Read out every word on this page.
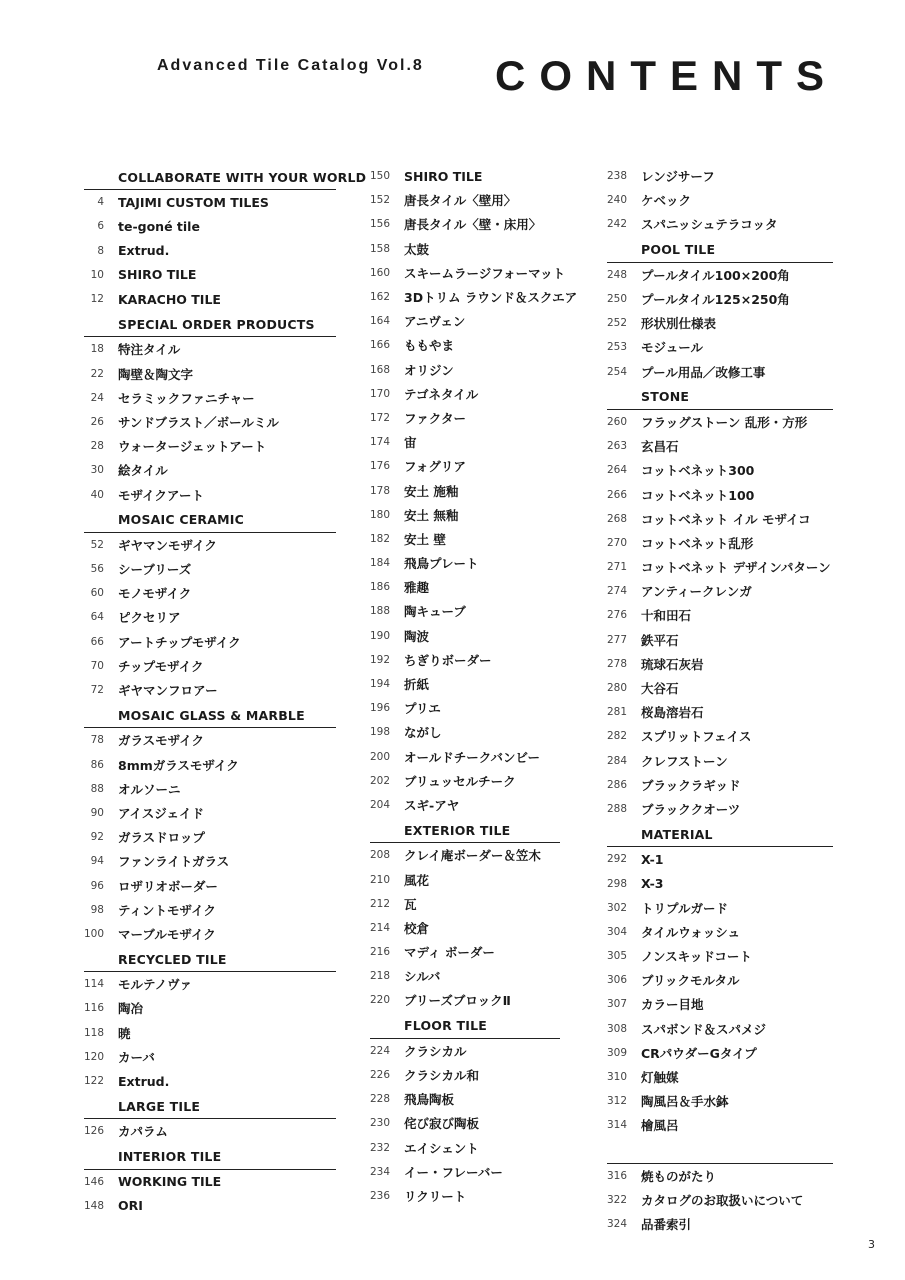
Advanced Tile Catalog Vol.8 CONTENTS
COLLABORATE WITH YOUR WORLD
4 TAJIMI CUSTOM TILES
6 te-goné tile
8 Extrud.
10 SHIRO TILE
12 KARACHO TILE
SPECIAL ORDER PRODUCTS
18 特注タイル
22 陶壁＆陶文字
24 セラミックファニチャー
26 サンドブラスト／ボールミル
28 ウォータージェットアート
30 絵タイル
40 モザイクアート
MOSAIC CERAMIC
52 ギヤマンモザイク
56 シーブリーズ
60 モノモザイク
64 ピクセリア
66 アートチップモザイク
70 チップモザイク
72 ギヤマンフロアー
MOSAIC GLASS & MARBLE
78 ガラスモザイク
86 8mmガラスモザイク
88 オルソーニ
90 アイスジェイド
92 ガラスドロップ
94 ファンライトガラス
96 ロザリオボーダー
98 ティントモザイク
100 マーブルモザイク
RECYCLED TILE
114 モルテノヴァ
116 陶冶
118 暁
120 カーバ
122 Extrud.
LARGE TILE
126 カパラム
INTERIOR TILE
146 WORKING TILE
148 ORI
150	SHIRO TILE
152	唐長タイル〈壁用〉
156	唐長タイル〈壁・床用〉
158	太鼓
160	スキームラージフォーマット
162	3Dトリム ラウンド＆スクエア
164	アニヴェン
166	ももやま
168	オリジン
170	テゴネタイル
172	ファクター
174	宙
176	フォグリア
178	安土 施釉
180	安土 無釉
182	安土 壁
184	飛鳥プレート
186	雅趣
188	陶キューブ
190	陶波
192	ちぎりボーダー
194	折紙
196	プリエ
198	ながし
200	オールドチークバンビー
202	ブリュッセルチーク
204	スギ-アヤ
EXTERIOR TILE
208	クレイ庵ボーダー＆笠木
210	風花
212	瓦
214	校倉
216	マディ ボーダー
218	シルバ
220	ブリーズブロックⅡ
FLOOR TILE
224	クラシカル
226	クラシカル和
228	飛鳥陶板
230	侘び寂び陶板
232	エイシェント
234	イー・フレーバー
236	リクリート
238	レンジサーフ
240	ケベック
242	スパニッシュテラコッタ
POOL TILE
248	プールタイル100×200角
250	プールタイル125×250角
252	形状別仕様表
253	モジュール
254	プール用品／改修工事
STONE
260	フラッグストーン 乱形・方形
263	玄昌石
264	コットベネット300
266	コットベネット100
268	コットベネット イル モザイコ
270	コットベネット乱形
271	コットベネット デザインパターン
274	アンティークレンガ
276	十和田石
277	鉄平石
278	琉球石灰岩
280	大谷石
281	桜島溶岩石
282	スプリットフェイス
284	クレフストーン
286	ブラックラギッド
288	ブラッククオーツ
MATERIAL
292	X-1
298	X-3
302	トリプルガード
304	タイルウォッシュ
305	ノンスキッドコート
306	ブリックモルタル
307	カラー目地
308	スパボンド＆スパメジ
309	CRパウダーGタイプ
310	灯触媒
312	陶風呂＆手水鉢
314	檜風呂
316	焼ものがたり
322	カタログのお取扱いについて
324	品番索引
3
